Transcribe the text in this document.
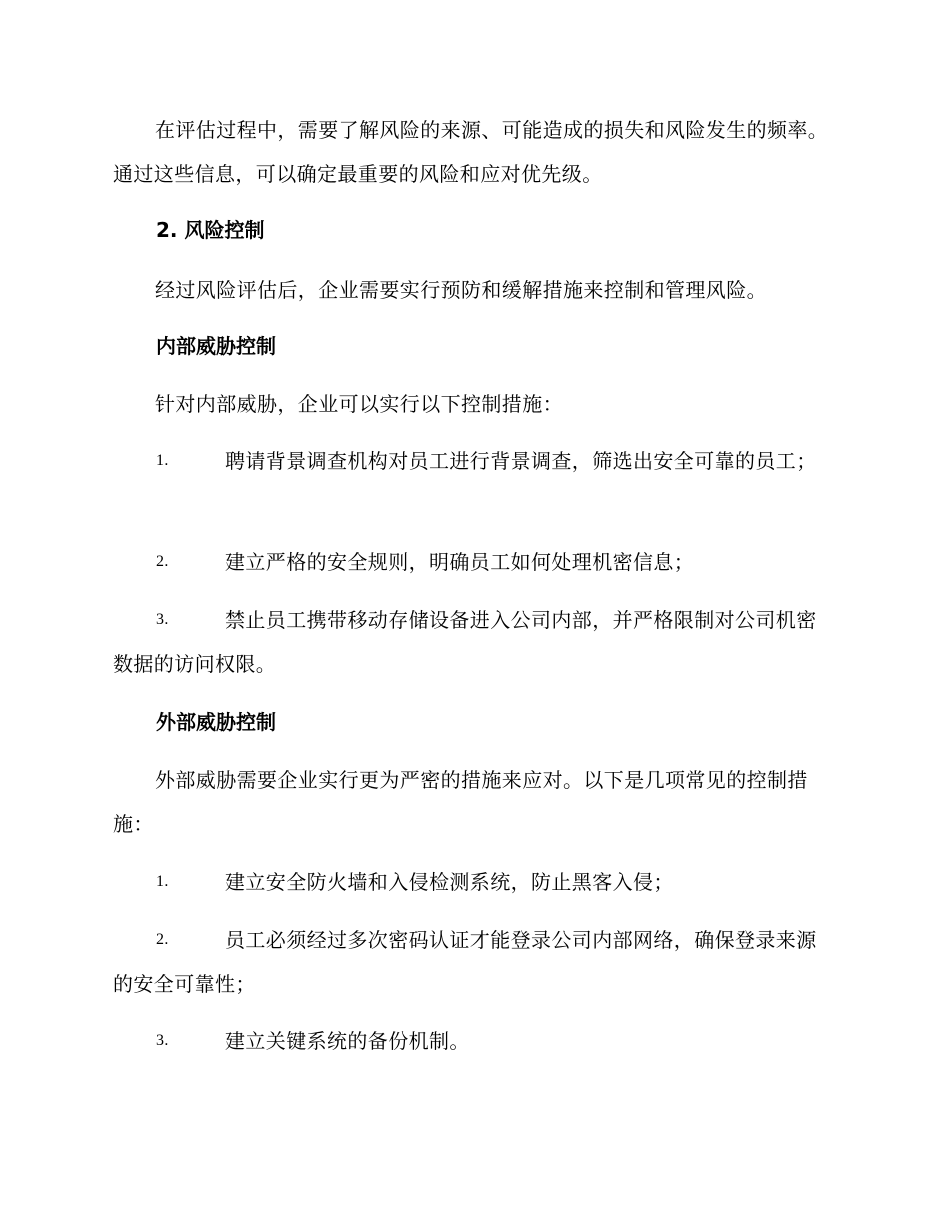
在评估过程中，需要了解风险的来源、可能造成的损失和风险发生的频率。通过这些信息，可以确定最重要的风险和应对优先级。
2. 风险控制
经过风险评估后，企业需要实行预防和缓解措施来控制和管理风险。
内部威胁控制
针对内部威胁，企业可以实行以下控制措施：
1.	聘请背景调查机构对员工进行背景调查，筛选出安全可靠的员工；
2.	建立严格的安全规则，明确员工如何处理机密信息；
3.	禁止员工携带移动存储设备进入公司内部，并严格限制对公司机密数据的访问权限。
外部威胁控制
外部威胁需要企业实行更为严密的措施来应对。以下是几项常见的控制措施：
1.	建立安全防火墙和入侵检测系统，防止黑客入侵；
2.	员工必须经过多次密码认证才能登录公司内部网络，确保登录来源的安全可靠性；
3.	建立关键系统的备份机制。
